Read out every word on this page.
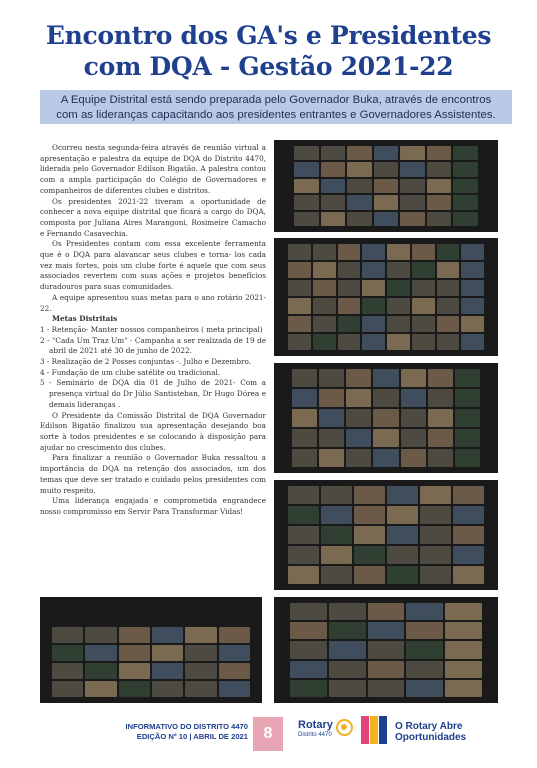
Encontro dos GA's e Presidentes
com DQA - Gestão 2021-22
A Equipe Distrital está sendo preparada pelo Governador Buka, através de encontros
com as lideranças capacitando aos presidentes entrantes e Governadores Assistentes.

Ocorreu nesta segunda-feira através de reunião virtual a apresentação e palestra da equipe de DQA do Distrito 4470, liderada pelo Governador Edilson Bigatão. A palestra contou com a ampla participação do Colégio de Governadores e companheiros de diferentes clubes e distritos.

Os presidentes 2021-22 tiveram a oportunidade de conhecer a nova equipe distrital que ficará a cargo do DQA, composta por Juliana Aires Marangoni, Rosimeire Camacho e Fernando Casavechia.

Os Presidentes contam com essa excelente ferramenta que é o DQA para alavancar seus clubes e torna- los cada vez mais fortes, pois um clube forte é aquele que com seus associados revertem com suas ações e projetos benefícios duradouros para suas comunidades.

A equipe apresentou suas metas para o ano rotário 2021-22.

Metas Distritais

1 - Retenção- Manter nossos companheiros ( meta principal)
2 - "Cada Um Traz Um" - Campanha a ser realizada de 19 de abril de 2021 até 30 de junho de 2022.
3 - Realização de 2 Posses conjuntas -. Julho e Dezembro.
4 - Fundação de um clube satélite ou tradicional.
5 - Seminário de DQA dia 01 de Julho de 2021- Com a presença virtual do Dr Júlio Santisteban, Dr Hugo Dórea e demais lideranças .

O Presidente da Comissão Distrital de DQA Governador Edilson Bigatão finalizou sua apresentação desejando boa sorte à todos presidentes e se colocando à disposição para ajudar no crescimento dos clubes.

Para finalizar a reunião o Governador Buka ressaltou a importância do DQA na retenção dos associados, um dos temas que deve ser tratado e cuidado pelos presidentes com muito respeito.

Uma liderança engajada e comprometida engrandece nosso compromisso em Servir Para Transformar Vidas!

INFORMATIVO DO DISTRITO 4470
EDIÇÃO Nº 10 | ABRIL DE 2021 8	Rotary
Distrito 4470
O Rotary Abre
Oportunidades
